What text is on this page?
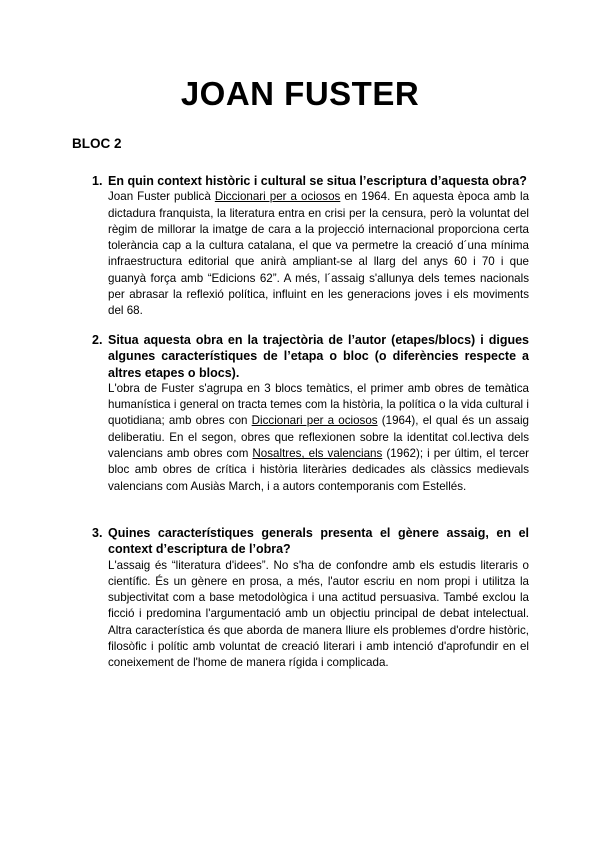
JOAN FUSTER
BLOC 2
1. En quin context històric i cultural se situa l’escriptura d’aquesta obra?

Joan Fuster publicà Diccionari per a ociosos en 1964. En aquesta època amb la dictadura franquista, la literatura entra en crisi per la censura, però la voluntat del règim de millorar la imatge de cara a la projecció internacional proporciona certa tolerància cap a la cultura catalana, el que va permetre la creació d´una mínima infraestructura editorial que anirà ampliant-se al llarg del anys 60 i 70 i que guanyà força amb “Edicions 62”. A més, l´assaig s'allunya dels temes nacionals per abrasar la reflexió política, influint en les generacions joves i els moviments del 68.

2. Situa aquesta obra en la trajectòria de l’autor (etapes/blocs) i digues algunes característiques de l’etapa o bloc (o diferències respecte a altres etapes o blocs).

L'obra de Fuster s'agrupa en 3 blocs temàtics, el primer amb obres de temàtica humanística i general on tracta temes com la història, la política o la vida cultural i quotidiana; amb obres con Diccionari per a ociosos (1964), el qual és un assaig deliberatiu. En el segon, obres que reflexionen sobre la identitat col.lectiva dels valencians amb obres com Nosaltres, els valencians (1962); i per últim, el tercer bloc amb obres de crítica i història literàries dedicades als clàssics medievals valencians com Ausiàs March, i a autors contemporanis com Estellés.

3. Quines característiques generals presenta el gènere assaig, en el context d’escriptura de l’obra?

L'assaig és “literatura d'idees”. No s'ha de confondre amb els estudis literaris o científic. És un gènere en prosa, a més, l'autor escriu en nom propi i utilitza la subjectivitat com a base metodològica i una actitud persuasiva. També exclou la ficció i predomina l'argumentació amb un objectiu principal de debat intelectual. Altra característica és que aborda de manera lliure els problemes d'ordre històric, filosòfic i polític amb voluntat de creació literari i amb intenció d'aprofundir en el coneixement de l'home de manera rígida i complicada.
